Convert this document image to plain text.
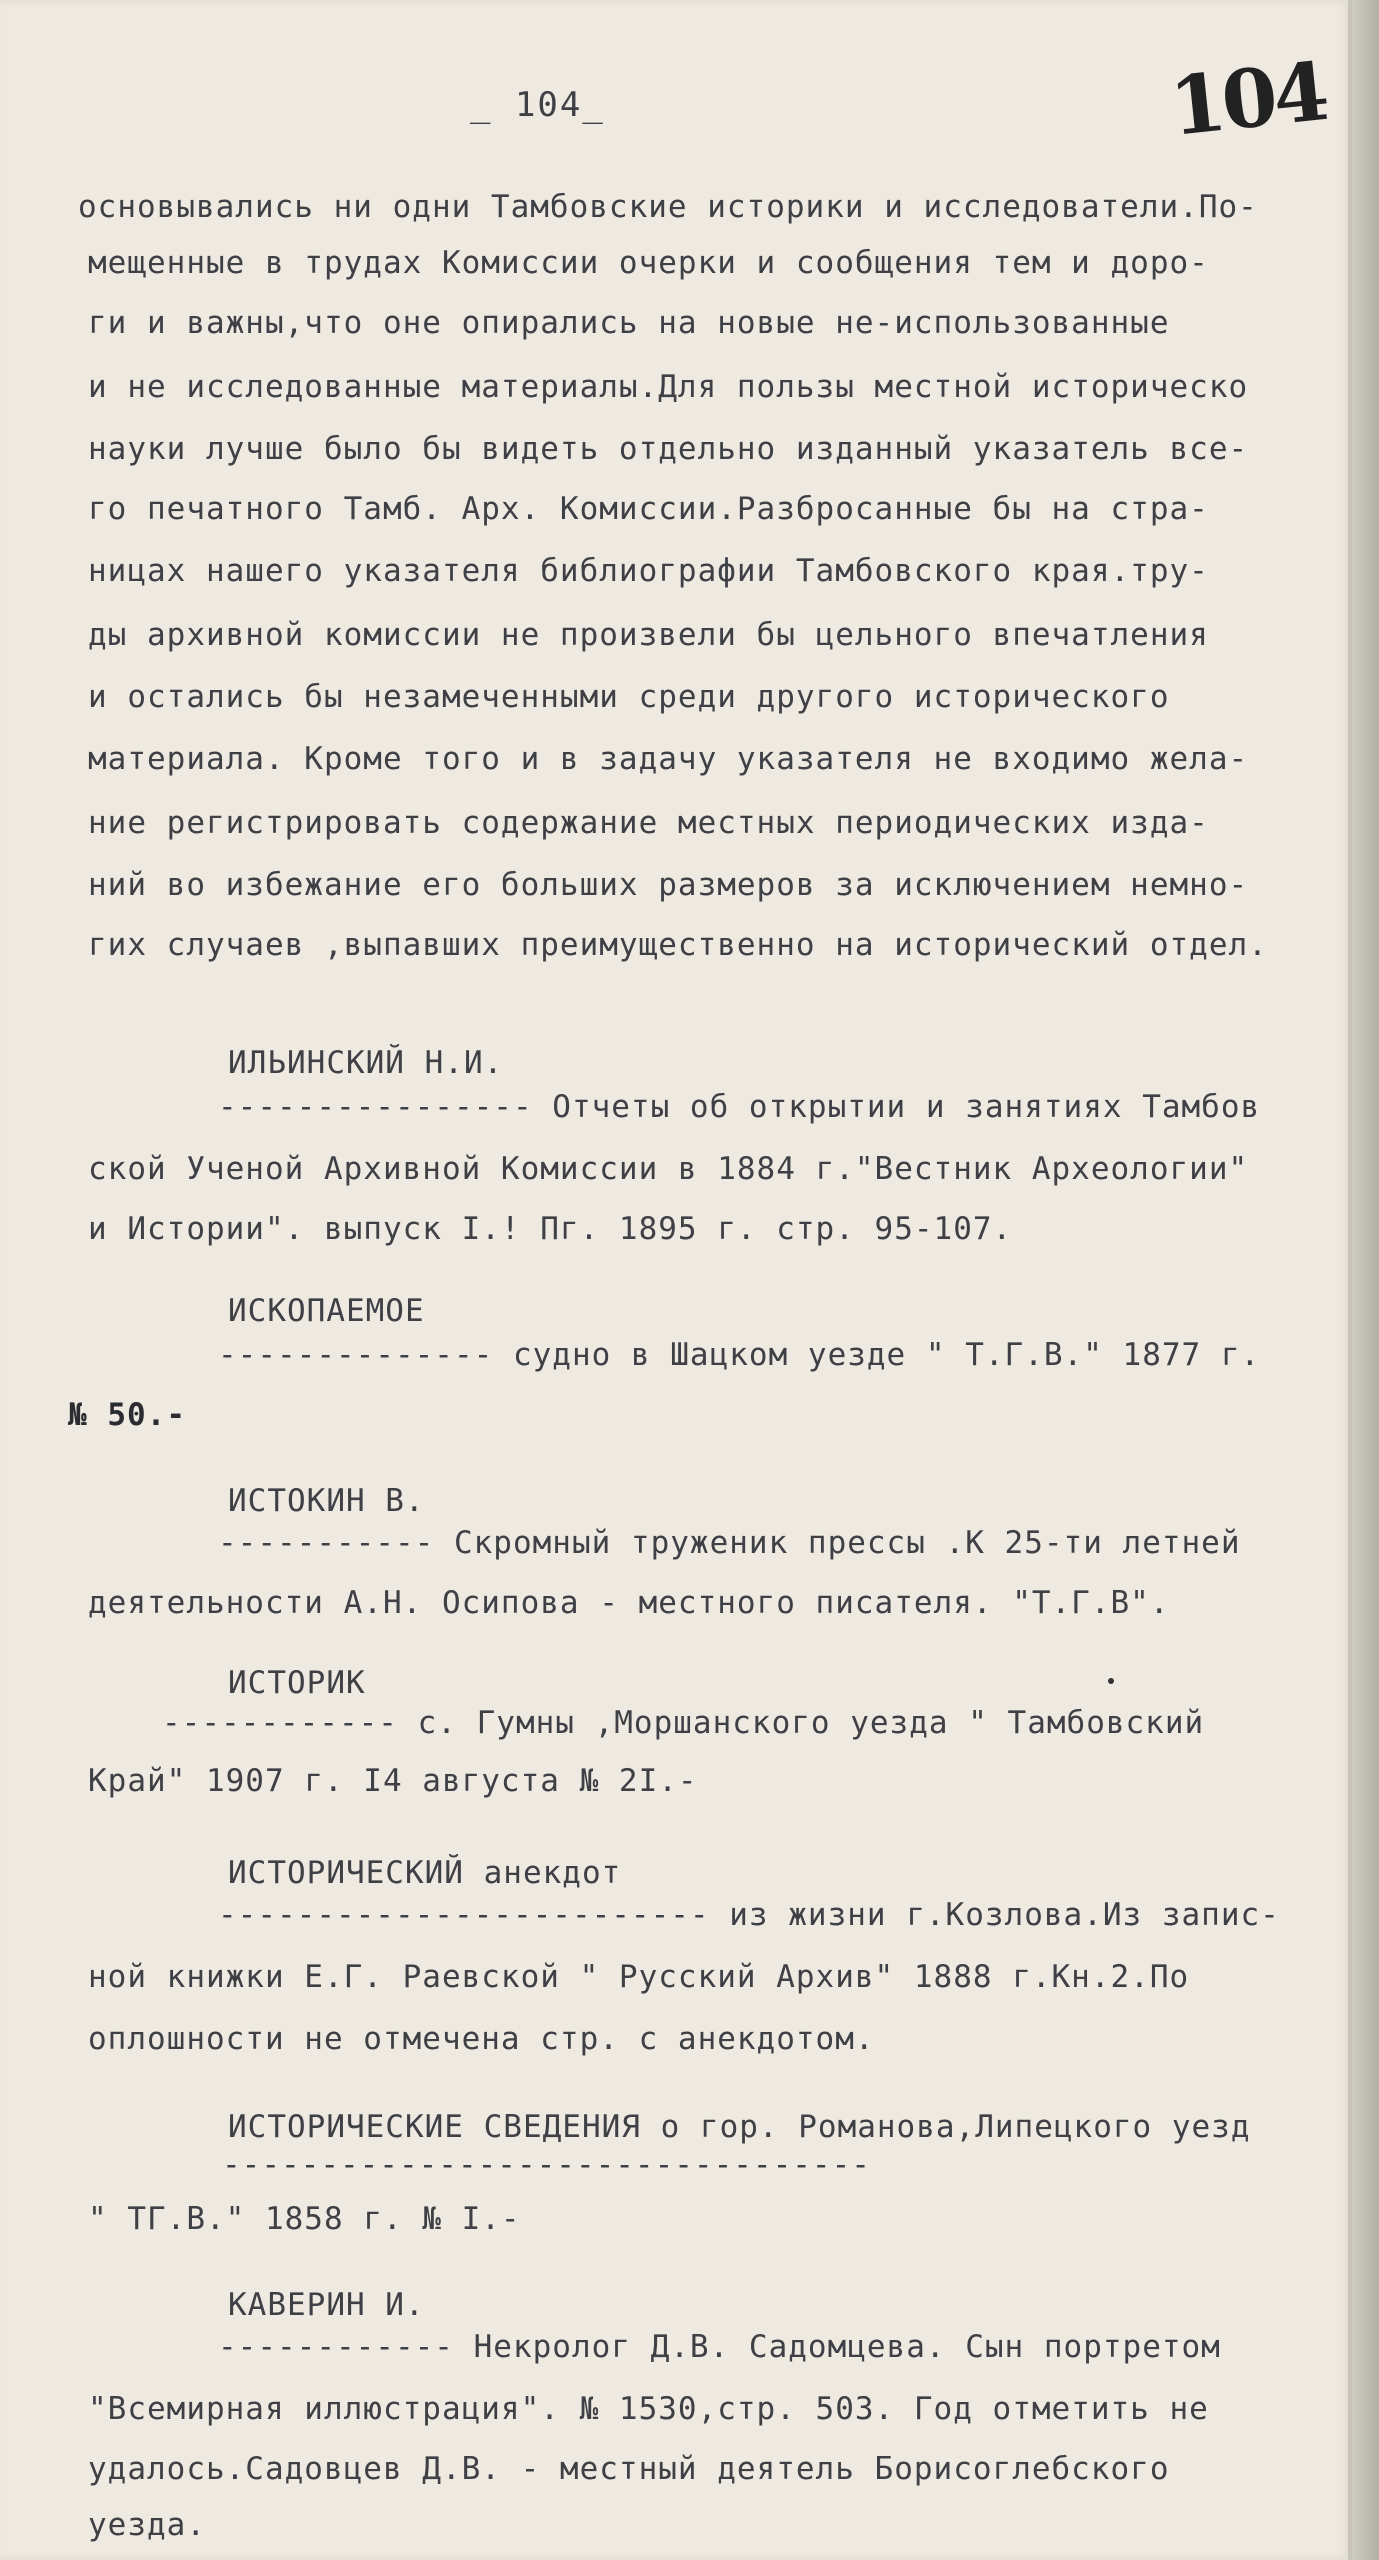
_ 104_	104
основывались ни одни Тамбовские историки и исследователи.По-
мещенные в трудах Комиссии очерки и сообщения тем и доро-
ги и важны,что оне опирались на новые не-использованные
и не исследованные материалы.Для пользы местной историческо
науки лучше было бы видеть отдельно изданный указатель все-
го печатного Тамб. Арх. Комиссии.Разбросанные бы на стра-
ницах нашего указателя библиографии Тамбовского края.тру-
ды архивной комиссии не произвели бы цельного впечатления
и остались бы незамеченными среди другого исторического
материала. Кроме того и в задачу указателя не входимо жела-
ние регистрировать содержание местных периодических изда-
ний во избежание его больших размеров за исключением немно-
гих случаев ,выпавших преимущественно на исторический отдел.
ИЛЬИНСКИЙ Н.И.
---------------- Отчеты об открытии и занятиях Тамбов
ской Ученой Архивной Комиссии в 1884 г."Вестник Археологии"
и Истории". выпуск I.! Пг. 1895 г. стр. 95-107.
ИСКОПАЕМОЕ
-------------- судно в Шацком уезде " Т.Г.В." 1877 г.
№ 50.-
ИСТОКИН В.
----------- Скромный труженик прессы .К 25-ти летней
деятельности А.Н. Осипова - местного писателя. "Т.Г.В".
ИСТОРИК
------------ с. Гумны ,Моршанского уезда " Тамбовский
Край" 1907 г. I4 августа № 2I.-
ИСТОРИЧЕСКИЙ анекдот
------------------------- из жизни г.Козлова.Из запис-
ной книжки Е.Г. Раевской " Русский Архив" 1888 г.Кн.2.По
оплошности не отмечена стр. с анекдотом.
ИСТОРИЧЕСКИЕ СВЕДЕНИЯ о гор. Романова,Липецкого уезд
---------------------------------
" ТГ.В." 1858 г. № I.-
КАВЕРИН И.
------------ Некролог Д.В. Садомцева. Сын портретом
"Всемирная иллюстрация". № 1530,стр. 503. Год отметить не
удалось.Садовцев Д.В. - местный деятель Борисоглебского
уезда.
